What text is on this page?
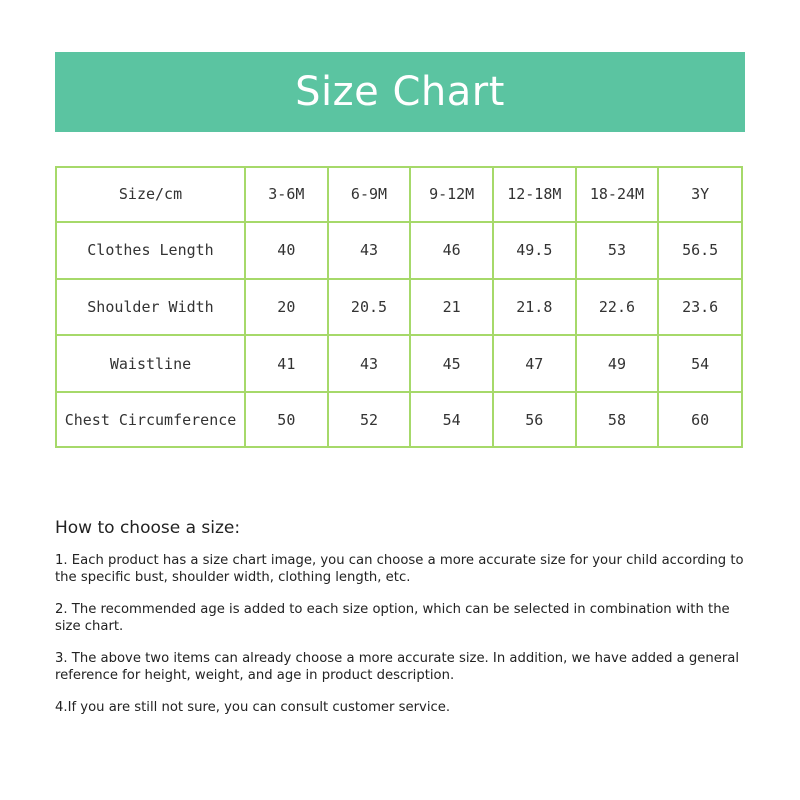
Size Chart
Size/cm	3-6M	6-9M	9-12M	12-18M	18-24M	3Y
Clothes Length	40	43	46	49.5	53	56.5
Shoulder Width	20	20.5	21	21.8	22.6	23.6
Waistline	41	43	45	47	49	54
Chest Circumference	50	52	54	56	58	60
How to choose a size:

1. Each product has a size chart image, you can choose a more accurate size for your child according to the specific bust, shoulder width, clothing length, etc.

2. The recommended age is added to each size option, which can be selected in combination with the size chart.

3. The above two items can already choose a more accurate size. In addition, we have added a general reference for height, weight, and age in product description.

4.If you are still not sure, you can consult customer service.
